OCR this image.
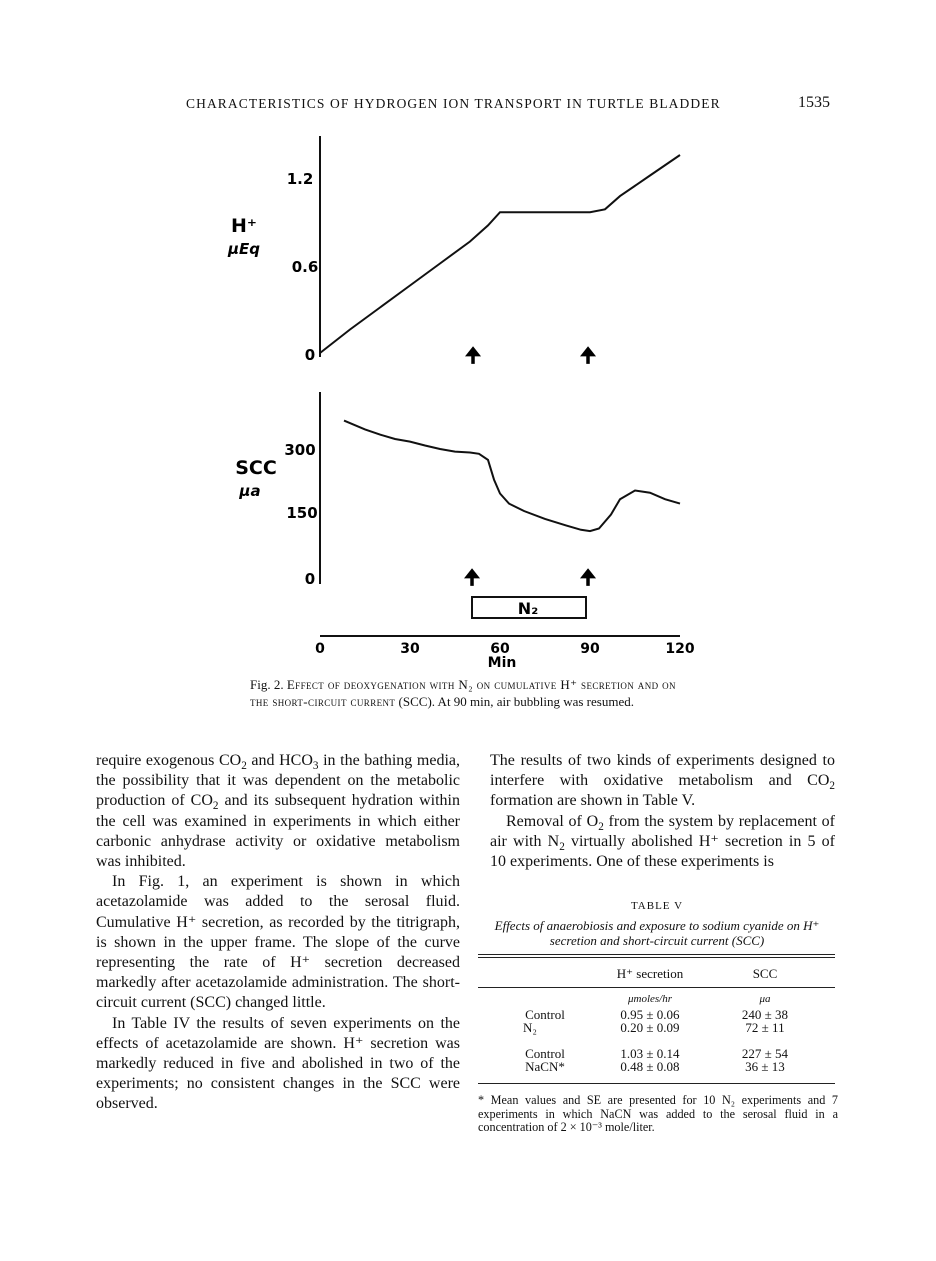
CHARACTERISTICS OF HYDROGEN ION TRANSPORT IN TURTLE BLADDER	1535
1.2
0.6
0
H⁺
μEq
🠉	🠉
300
150
0
SCC
μa
🠉	🠉
N₂
0	30	60	90	120
Min
Fig. 2. Effect of deoxygenation with N₂ on cumulative H⁺ secretion and on the short-circuit current (SCC). At 90 min, air bubbling was resumed.

require exogenous $CO_2$ and $HCO_3$ in the bathing media, the possibility that it was dependent on the metabolic production of $CO_2$ and its subsequent hydration within the cell was examined in experiments in which either carbonic anhydrase activity or oxidative metabolism was inhibited.

In Fig. 1, an experiment is shown in which acetazolamide was added to the serosal fluid. Cumulative H⁺ secretion, as recorded by the titrigraph, is shown in the upper frame. The slope of the curve representing the rate of H⁺ secretion decreased markedly after acetazolamide administration. The short-circuit current (SCC) changed little.

In Table IV the results of seven experiments on the effects of acetazolamide are shown. H⁺ secretion was markedly reduced in five and abolished in two of the experiments; no consistent changes in the SCC were observed.

The results of two kinds of experiments designed to interfere with oxidative metabolism and $CO_2$ formation are shown in Table V.

Removal of $O_2$ from the system by replacement of air with $N_2$ virtually abolished H⁺ secretion in 5 of 10 experiments. One of these experiments is

TABLE V
Effects of anaerobiosis and exposure to sodium cyanide on H⁺ secretion and short-circuit current (SCC)
H⁺ secretion	SCC
μmoles/hr	μa
Control	0.95 ± 0.06	240 ± 38
N₂	0.20 ± 0.09	72 ± 11
Control	1.03 ± 0.14	227 ± 54
NaCN*	0.48 ± 0.08	36 ± 13
* Mean values and SE are presented for 10 N₂ experiments and 7 experiments in which NaCN was added to the serosal fluid in a concentration of 2 × 10⁻³ mole/liter.
